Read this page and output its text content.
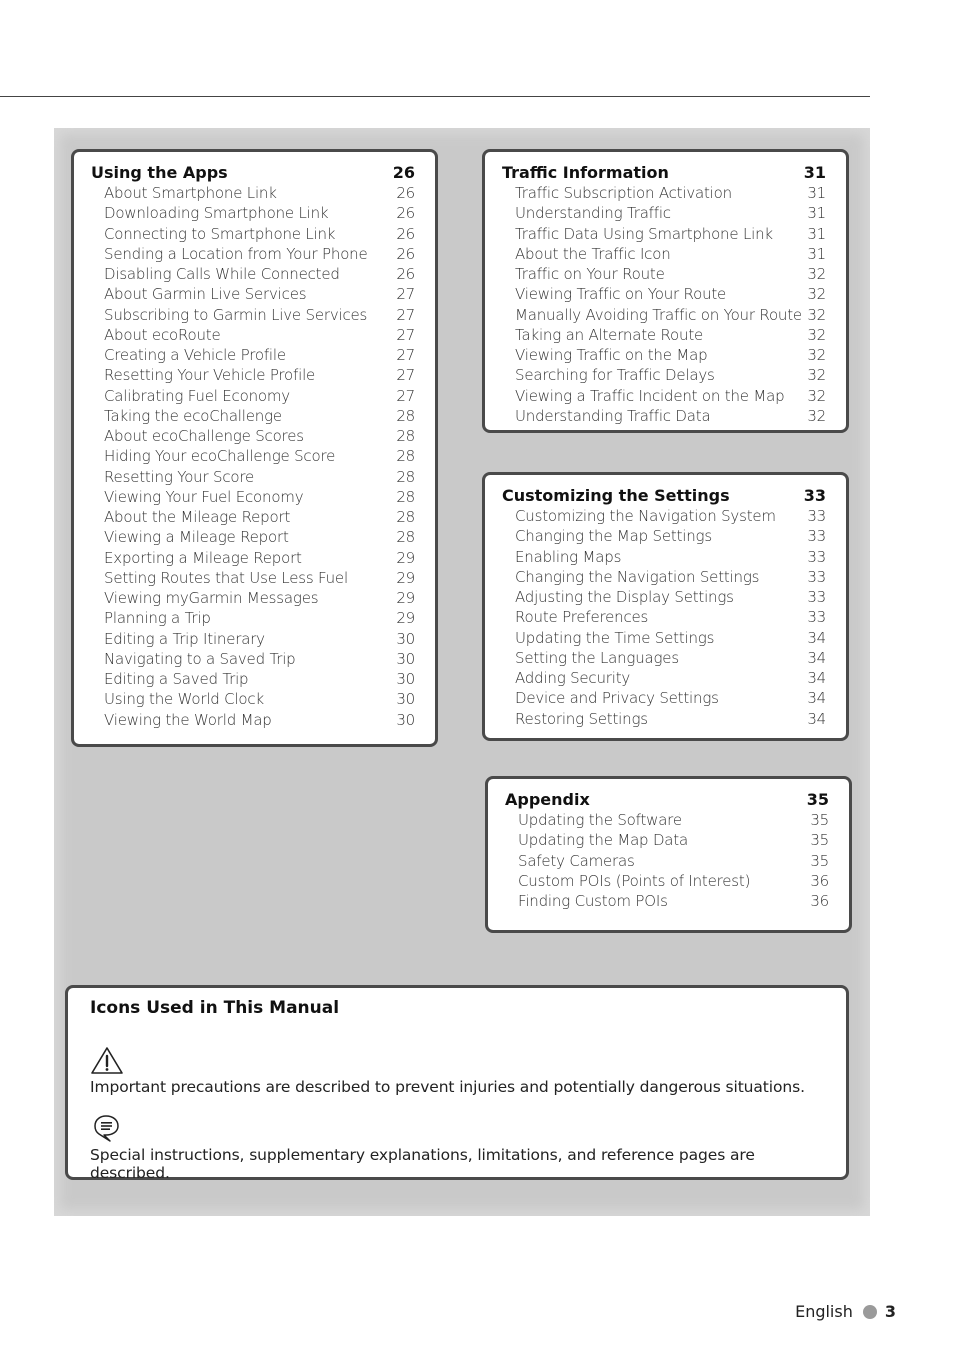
Using the Apps	26
About Smartphone Link	26
Downloading Smartphone Link	26
Connecting to Smartphone Link	26
Sending a Location from Your Phone 26
Disabling Calls While Connected	26
About Garmin Live Services	27
Subscribing to Garmin Live Services 27
About ecoRoute	27
Creating a Vehicle Profile	27
Resetting Your Vehicle Profile	27
Calibrating Fuel Economy	27
Taking the ecoChallenge	28
About ecoChallenge Scores	28
Hiding Your ecoChallenge Score	28
Resetting Your Score	28
Viewing Your Fuel Economy	28
About the Mileage Report	28
Viewing a Mileage Report	28
Exporting a Mileage Report	29
Setting Routes that Use Less Fuel	29
Viewing myGarmin Messages	29
Planning a Trip	29
Editing a Trip Itinerary	30
Navigating to a Saved Trip	30
Editing a Saved Trip	30
Using the World Clock	30
Viewing the World Map	30
Traffic Information	31
Traffic Subscription Activation	31
Understanding Traffic	31
Traffic Data Using Smartphone Link 31
About the Traffic Icon	31
Traffic on Your Route	32
Viewing Traffic on Your Route	32
Manually Avoiding Traffic on Your Route 32
Taking an Alternate Route	32
Viewing Traffic on the Map	32
Searching for Traffic Delays	32
Viewing a Traffic Incident on the Map 32
Understanding Traffic Data	32
Customizing the Settings	33
Customizing the Navigation System 33
Changing the Map Settings	33
Enabling Maps	33
Changing the Navigation Settings	33
Adjusting the Display Settings	33
Route Preferences	33
Updating the Time Settings	34
Setting the Languages	34
Adding Security	34
Device and Privacy Settings	34
Restoring Settings	34
Appendix	35
Updating the Software	35
Updating the Map Data	35
Safety Cameras	35
Custom POIs (Points of Interest)	36
Finding Custom POIs	36
Icons Used in This Manual
Important precautions are described to prevent injuries and potentially dangerous situations.
Special instructions, supplementary explanations, limitations, and reference pages are described.
English 3
